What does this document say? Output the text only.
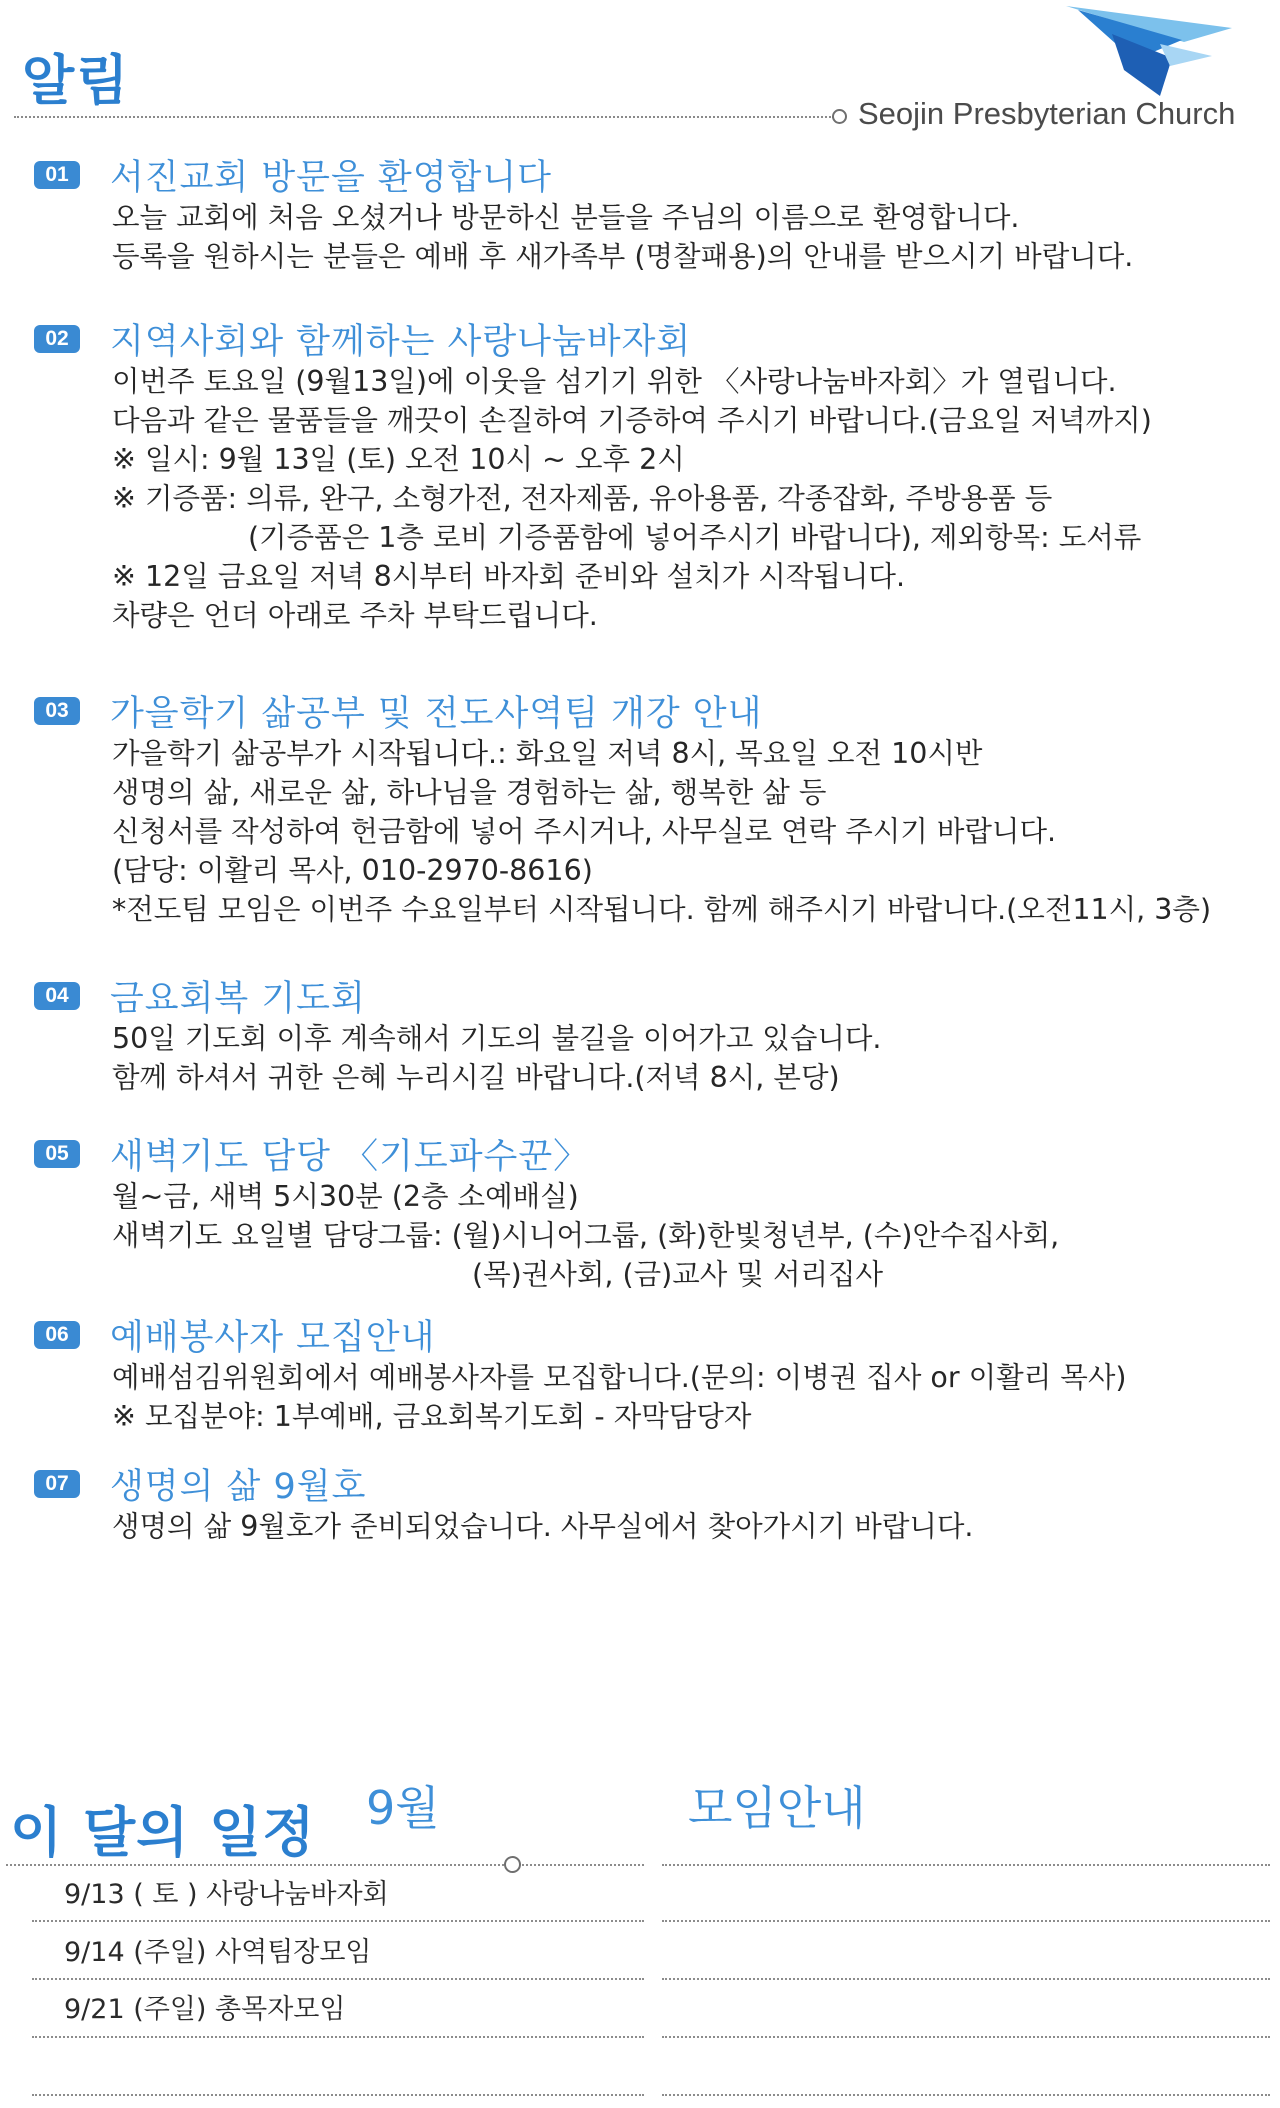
알림
Seojin Presbyterian Church
01	서진교회 방문을 환영합니다
오늘 교회에 처음 오셨거나 방문하신 분들을 주님의 이름으로 환영합니다.
등록을 원하시는 분들은 예배 후 새가족부 (명찰패용)의 안내를 받으시기 바랍니다.
02	지역사회와 함께하는 사랑나눔바자회
이번주 토요일 (9월13일)에 이웃을 섬기기 위한 〈사랑나눔바자회〉가 열립니다.
다음과 같은 물품들을 깨끗이 손질하여 기증하여 주시기 바랍니다.(금요일 저녁까지)
※ 일시: 9월 13일 (토) 오전 10시 ~ 오후 2시
※ 기증품: 의류, 완구, 소형가전, 전자제품, 유아용품, 각종잡화, 주방용품 등
(기증품은 1층 로비 기증품함에 넣어주시기 바랍니다), 제외항목: 도서류
※ 12일 금요일 저녁 8시부터 바자회 준비와 설치가 시작됩니다.
차량은 언더 아래로 주차 부탁드립니다.
03	가을학기 삶공부 및 전도사역팀 개강 안내
가을학기 삶공부가 시작됩니다.: 화요일 저녁 8시, 목요일 오전 10시반
생명의 삶, 새로운 삶, 하나님을 경험하는 삶, 행복한 삶 등
신청서를 작성하여 헌금함에 넣어 주시거나, 사무실로 연락 주시기 바랍니다.
(담당: 이활리 목사, 010-2970-8616)
*전도팀 모임은 이번주 수요일부터 시작됩니다. 함께 해주시기 바랍니다.(오전11시, 3층)
04	금요회복 기도회
50일 기도회 이후 계속해서 기도의 불길을 이어가고 있습니다.
함께 하셔서 귀한 은혜 누리시길 바랍니다.(저녁 8시, 본당)
05	새벽기도 담당 〈기도파수꾼〉
월~금, 새벽 5시30분 (2층 소예배실)
새벽기도 요일별 담당그룹: (월)시니어그룹, (화)한빛청년부, (수)안수집사회,
(목)권사회, (금)교사 및 서리집사
06	예배봉사자 모집안내
예배섬김위원회에서 예배봉사자를 모집합니다.(문의: 이병권 집사 or 이활리 목사)
※ 모집분야: 1부예배, 금요회복기도회 - 자막담당자
07	생명의 삶 9월호
생명의 삶 9월호가 준비되었습니다. 사무실에서 찾아가시기 바랍니다.
이 달의 일정 9월	모임안내
9/13 ( 토 ) 사랑나눔바자회
9/14 (주일) 사역팀장모임
9/21 (주일) 총목자모임
